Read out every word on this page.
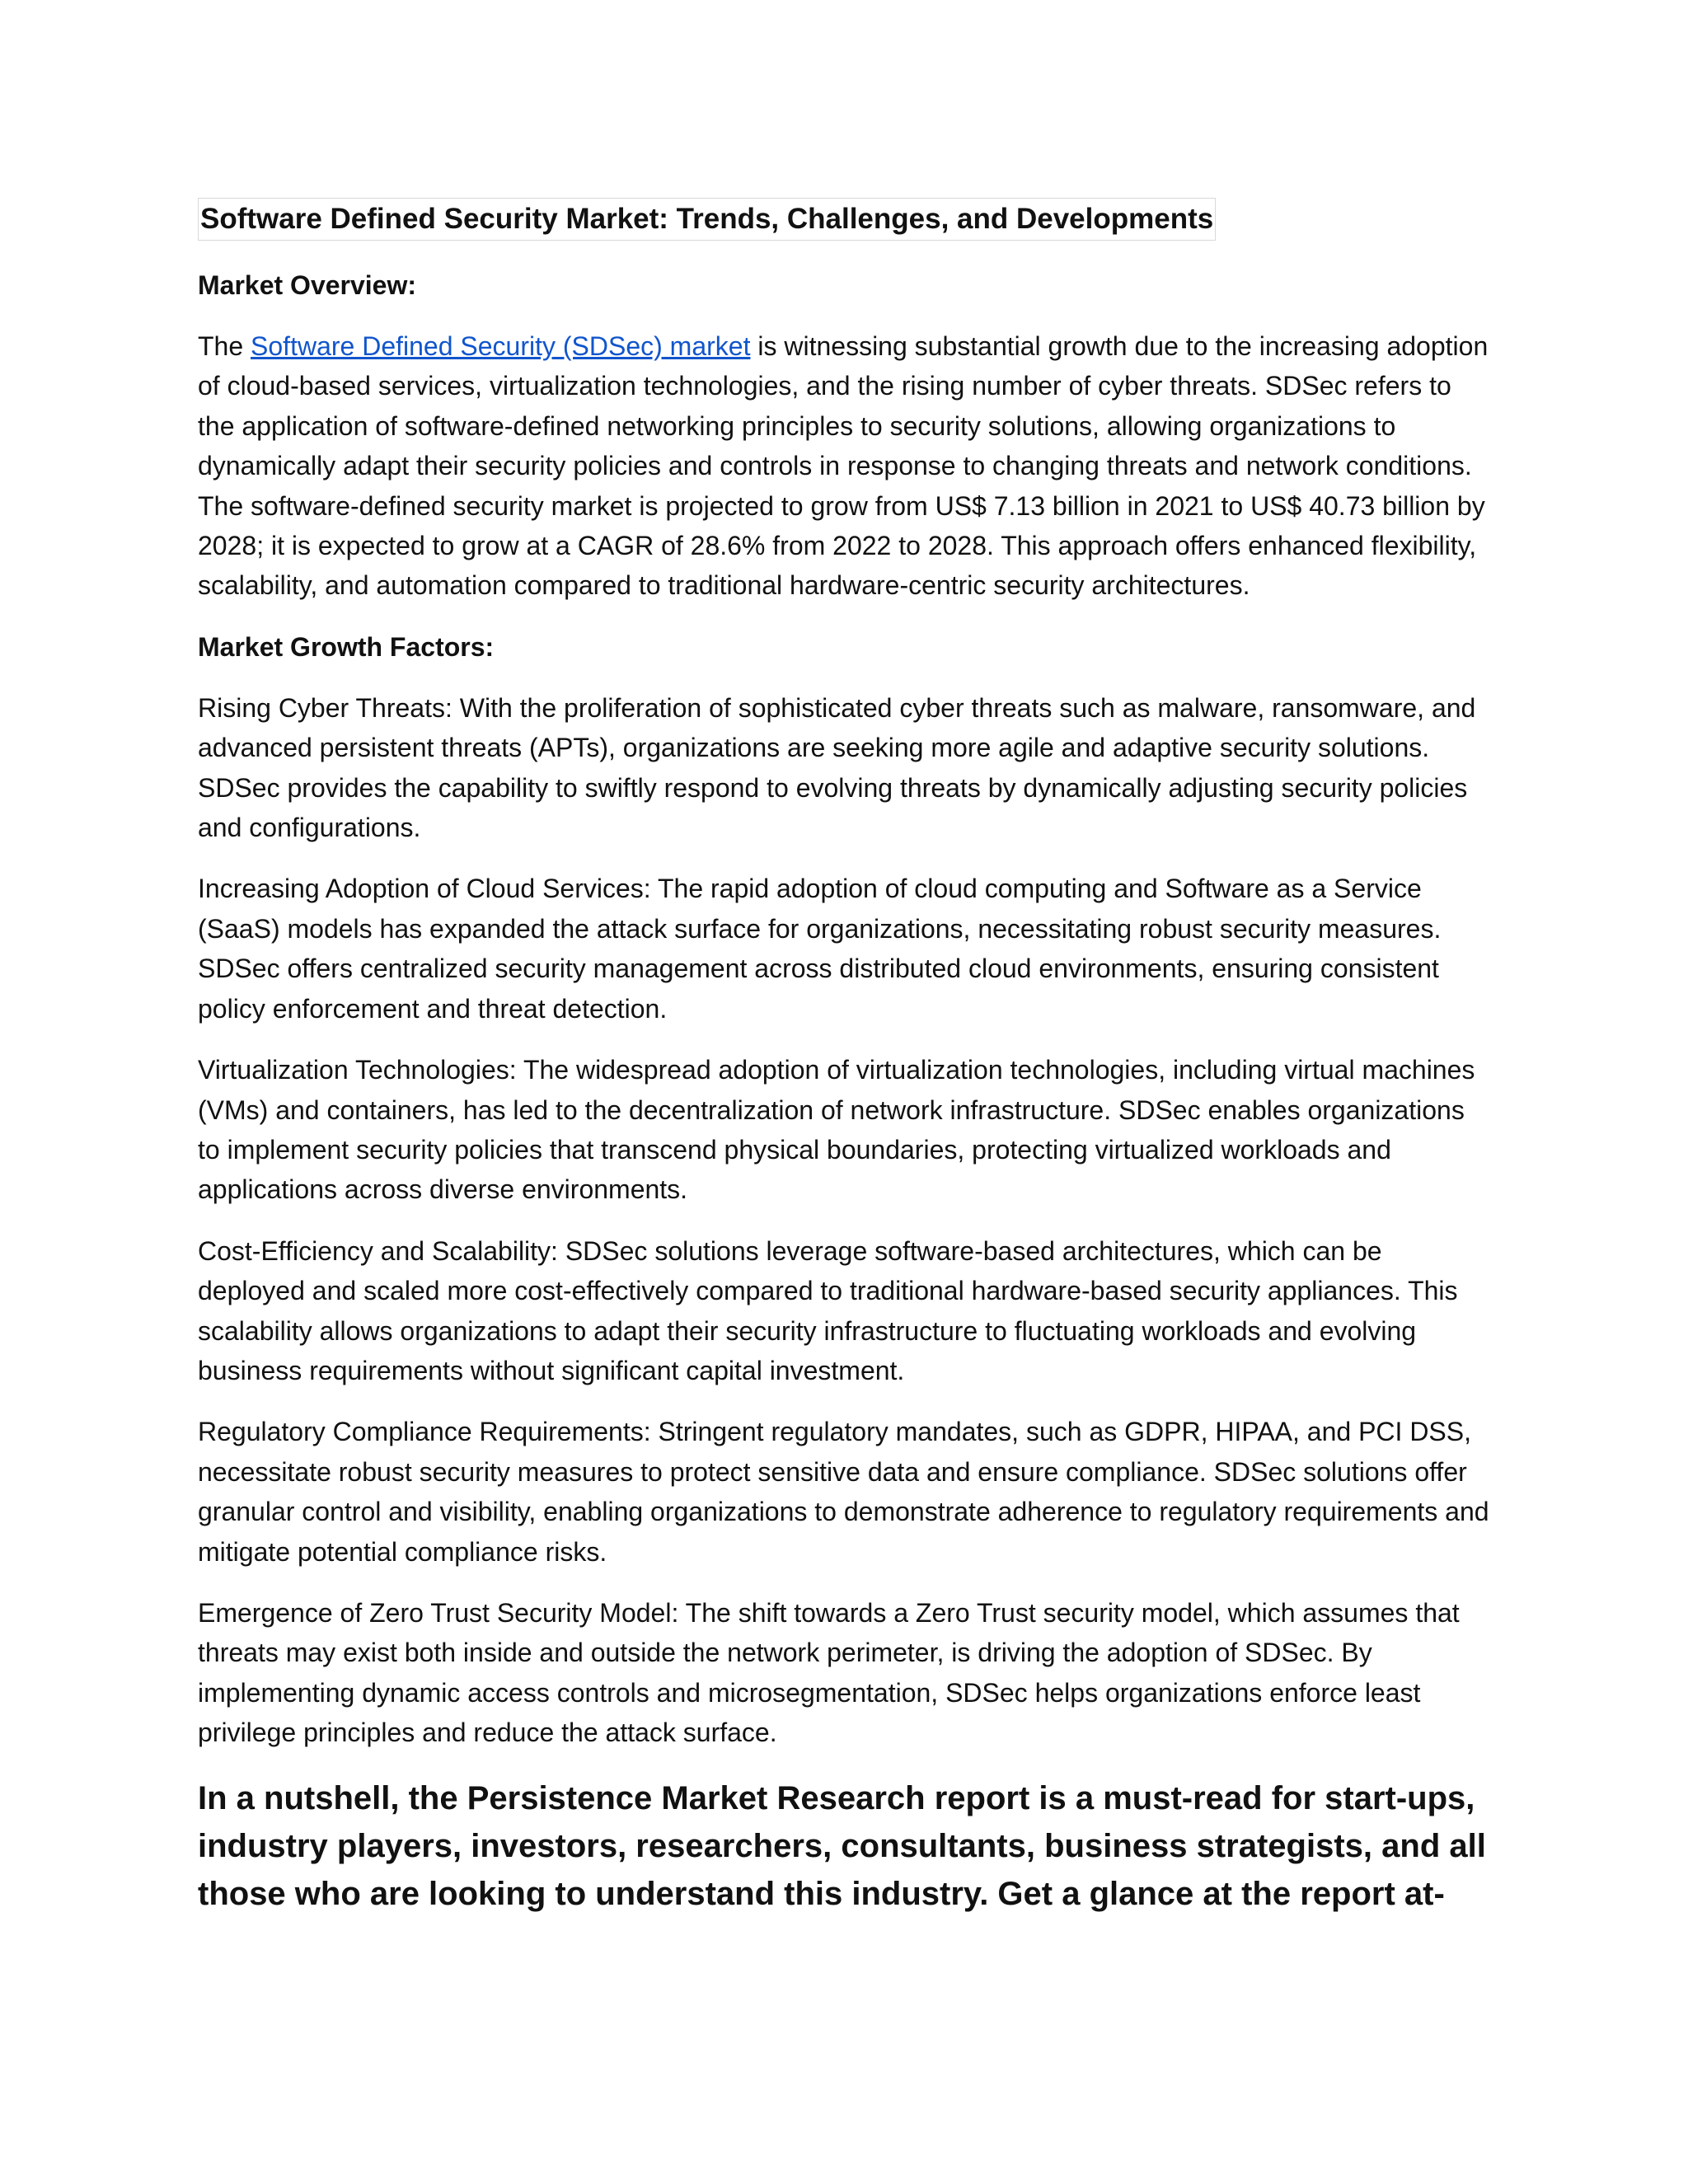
Software Defined Security Market: Trends, Challenges, and Developments
Market Overview:

The Software Defined Security (SDSec) market is witnessing substantial growth due to the increasing adoption of cloud-based services, virtualization technologies, and the rising number of cyber threats. SDSec refers to the application of software-defined networking principles to security solutions, allowing organizations to dynamically adapt their security policies and controls in response to changing threats and network conditions. The software-defined security market is projected to grow from US$ 7.13 billion in 2021 to US$ 40.73 billion by 2028; it is expected to grow at a CAGR of 28.6% from 2022 to 2028. This approach offers enhanced flexibility, scalability, and automation compared to traditional hardware-centric security architectures.

Market Growth Factors:

Rising Cyber Threats: With the proliferation of sophisticated cyber threats such as malware, ransomware, and advanced persistent threats (APTs), organizations are seeking more agile and adaptive security solutions. SDSec provides the capability to swiftly respond to evolving threats by dynamically adjusting security policies and configurations.

Increasing Adoption of Cloud Services: The rapid adoption of cloud computing and Software as a Service (SaaS) models has expanded the attack surface for organizations, necessitating robust security measures. SDSec offers centralized security management across distributed cloud environments, ensuring consistent policy enforcement and threat detection.

Virtualization Technologies: The widespread adoption of virtualization technologies, including virtual machines (VMs) and containers, has led to the decentralization of network infrastructure. SDSec enables organizations to implement security policies that transcend physical boundaries, protecting virtualized workloads and applications across diverse environments.

Cost-Efficiency and Scalability: SDSec solutions leverage software-based architectures, which can be deployed and scaled more cost-effectively compared to traditional hardware-based security appliances. This scalability allows organizations to adapt their security infrastructure to fluctuating workloads and evolving business requirements without significant capital investment.

Regulatory Compliance Requirements: Stringent regulatory mandates, such as GDPR, HIPAA, and PCI DSS, necessitate robust security measures to protect sensitive data and ensure compliance. SDSec solutions offer granular control and visibility, enabling organizations to demonstrate adherence to regulatory requirements and mitigate potential compliance risks.

Emergence of Zero Trust Security Model: The shift towards a Zero Trust security model, which assumes that threats may exist both inside and outside the network perimeter, is driving the adoption of SDSec. By implementing dynamic access controls and microsegmentation, SDSec helps organizations enforce least privilege principles and reduce the attack surface.

In a nutshell, the Persistence Market Research report is a must-read for start-ups, industry players, investors, researchers, consultants, business strategists, and all those who are looking to understand this industry. Get a glance at the report at-
